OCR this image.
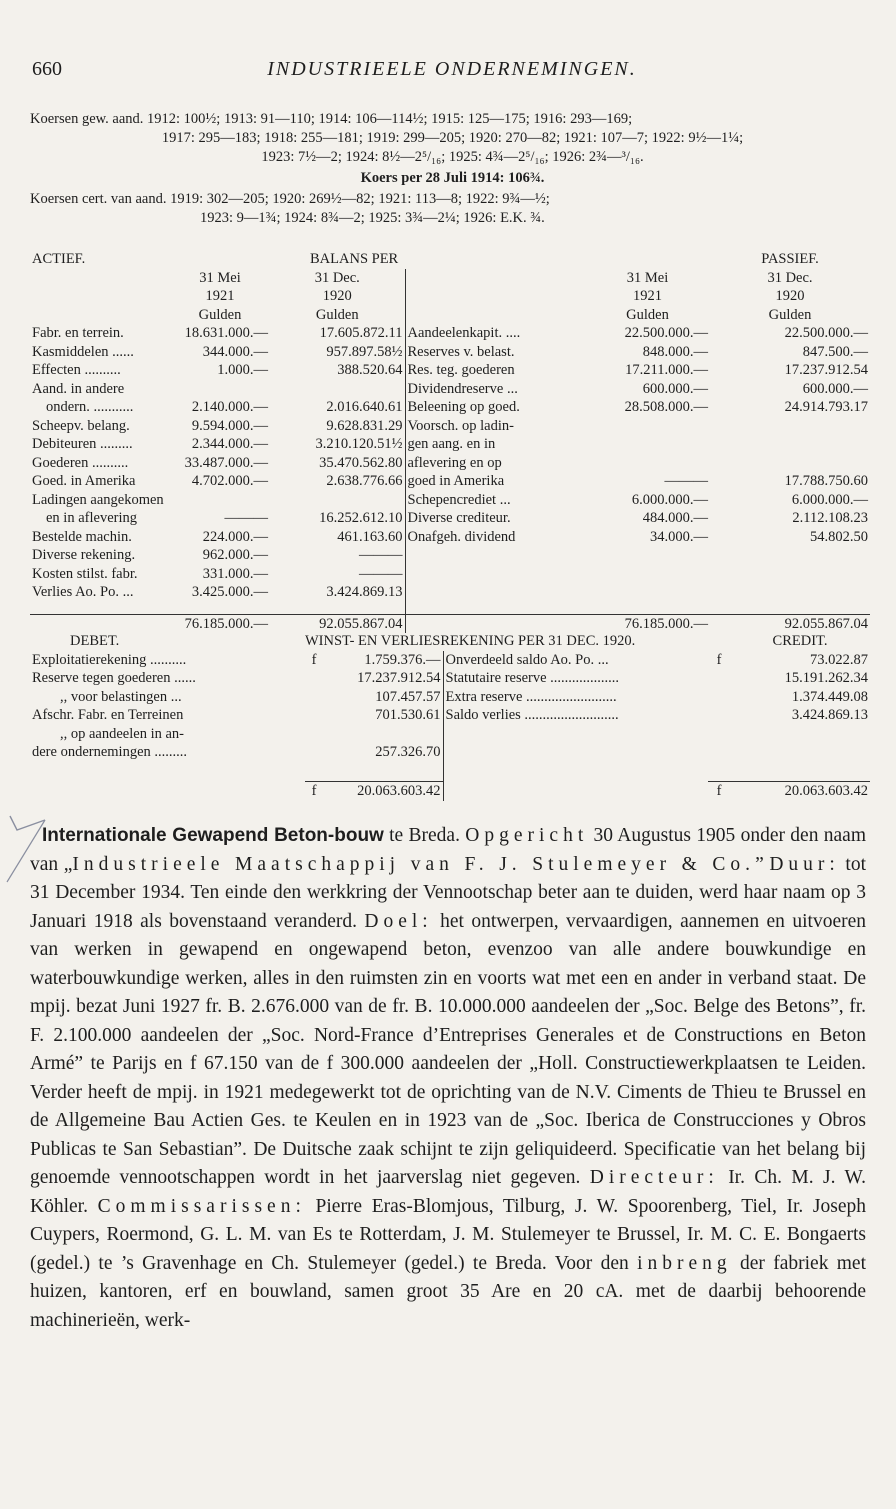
660	INDUSTRIEELE ONDERNEMINGEN.

Koersen gew. aand. 1912: 100½; 1913: 91—110; 1914: 106—114½; 1915: 125—175; 1916: 293—169;

1917: 295—183; 1918: 255—181; 1919: 299—205; 1920: 270—82; 1921: 107—7; 1922: 9½—1¼;

1923: 7½—2; 1924: 8½—2⁵/₁₆; 1925: 4¾—2⁵/₁₆; 1926: 2¾—³/₁₆.

Koers per 28 Juli 1914: 106¾.

Koersen cert. van aand. 1919: 302—205; 1920: 269½—82; 1921: 113—8; 1922: 9¾—½;

1923: 9—1¾; 1924: 8¾—2; 1925: 3¾—2¼; 1926: E.K. ¾.

ACTIEF.		BALANS PER			PASSIEF.
	31 Mei	31 Dec.		31 Mei	31 Dec.
	1921	1920		1921	1920
	Gulden	Gulden		Gulden	Gulden
Fabr. en terrein.	18.631.000.—	17.605.872.11	Aandeelenkapit. ....	22.500.000.—	22.500.000.—
Kasmiddelen ......	344.000.—	957.897.58½	Reserves v. belast.	848.000.—	847.500.—
Effecten ..........	1.000.—	388.520.64	Res. teg. goederen	17.211.000.—	17.237.912.54
Aand. in andere			Dividendreserve ...	600.000.—	600.000.—
ondern. ...........	2.140.000.—	2.016.640.61	Beleening op goed.	28.508.000.—	24.914.793.17
Scheepv. belang.	9.594.000.—	9.628.831.29	Voorsch. op ladin-		
Debiteuren .........	2.344.000.—	3.210.120.51½	gen aang. en in		
Goederen ..........	33.487.000.—	35.470.562.80	aflevering en op		
Goed. in Amerika	4.702.000.—	2.638.776.66	goed in Amerika	———	17.788.750.60
Ladingen aangekomen			Schepencrediet ...	6.000.000.—	6.000.000.—
en in aflevering	———	16.252.612.10	Diverse crediteur.	484.000.—	2.112.108.23
Bestelde machin.	224.000.—	461.163.60	Onafgeh. dividend	34.000.—	54.802.50
Diverse rekening.	962.000.—	———			
Kosten stilst. fabr.	331.000.—	———			
Verlies Ao. Po. ...	3.425.000.—	3.424.869.13			

	76.185.000.—	92.055.867.04		76.185.000.—	92.055.867.04
DEBET.	WINST- EN VERLIESREKENING PER 31 DEC. 1920.				CREDIT.
Exploitatierekening ..........	f	1.759.376.—	Onverdeeld saldo Ao. Po. ...	f	73.022.87
Reserve tegen goederen ......		17.237.912.54	Statutaire reserve ...................		15.191.262.34
,, voor belastingen ...		107.457.57	Extra reserve .........................		1.374.449.08
Afschr. Fabr. en Terreinen		701.530.61	Saldo verlies ..........................		3.424.869.13
,, op aandeelen in an-					
dere ondernemingen .........		257.326.70			

	f	20.063.603.42		f	20.063.603.42

Internationale Gewapend Beton-bouw te Breda. Opgericht 30 Augustus 1905 onder den naam van „Industrieele Maatschappij van F. J. Stulemeyer & Co.” Duur: tot 31 December 1934. Ten einde den werkkring der Vennootschap beter aan te duiden, werd haar naam op 3 Januari 1918 als bovenstaand veranderd. Doel: het ontwerpen, vervaardigen, aannemen en uitvoeren van werken in gewapend en ongewapend beton, evenzoo van alle andere bouwkundige en waterbouwkundige werken, alles in den ruimsten zin en voorts wat met een en ander in verband staat. De mpij. bezat Juni 1927 fr. B. 2.676.000 van de fr. B. 10.000.000 aandeelen der „Soc. Belge des Betons”, fr. F. 2.100.000 aandeelen der „Soc. Nord-France d’Entreprises Generales et de Constructions en Beton Armé” te Parijs en f 67.150 van de f 300.000 aandeelen der „Holl. Constructiewerkplaatsen te Leiden. Verder heeft de mpij. in 1921 medegewerkt tot de oprichting van de N.V. Ciments de Thieu te Brussel en de Allgemeine Bau Actien Ges. te Keulen en in 1923 van de „Soc. Iberica de Construcciones y Obros Publicas te San Sebastian”. De Duitsche zaak schijnt te zijn geliquideerd. Specificatie van het belang bij genoemde vennootschappen wordt in het jaarverslag niet gegeven. Directeur: Ir. Ch. M. J. W. Köhler. Commissarissen: Pierre Eras-Blomjous, Tilburg, J. W. Spoorenberg, Tiel, Ir. Joseph Cuypers, Roermond, G. L. M. van Es te Rotterdam, J. M. Stulemeyer te Brussel, Ir. M. C. E. Bongaerts (gedel.) te ’s Gravenhage en Ch. Stulemeyer (gedel.) te Breda. Voor den inbreng der fabriek met huizen, kantoren, erf en bouwland, samen groot 35 Are en 20 cA. met de daarbij behoorende machinerieën, werk-
